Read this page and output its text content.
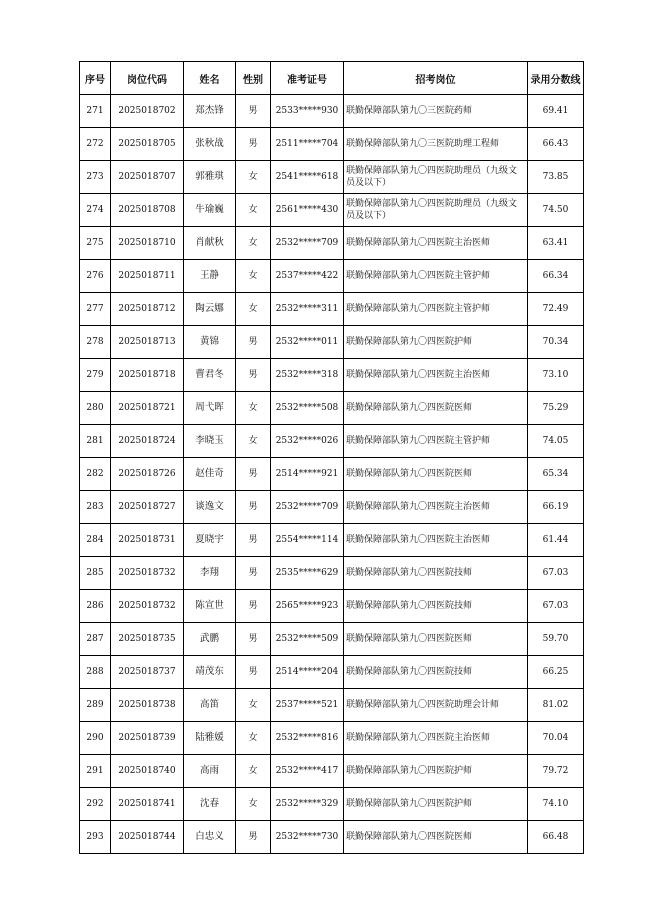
序号	岗位代码	姓名	性别	准考证号	招考岗位	录用分数线
271	2025018702	郑杰锋	男	2533*****930	联勤保障部队第九〇三医院药师	69.41
272	2025018705	张秋战	男	2511*****704	联勤保障部队第九〇三医院助理工程师	66.43
273	2025018707	郭雅琪	女	2541*****618	联勤保障部队第九〇四医院助理员（九级文员及以下）	73.85
274	2025018708	牛瑜巍	女	2561*****430	联勤保障部队第九〇四医院助理员（九级文员及以下）	74.50
275	2025018710	肖献秋	女	2532*****709	联勤保障部队第九〇四医院主治医师	63.41
276	2025018711	王静	女	2537*****422	联勤保障部队第九〇四医院主管护师	66.34
277	2025018712	陶云娜	女	2532*****311	联勤保障部队第九〇四医院主管护师	72.49
278	2025018713	黄锦	男	2532*****011	联勤保障部队第九〇四医院护师	70.34
279	2025018718	曹君冬	男	2532*****318	联勤保障部队第九〇四医院主治医师	73.10
280	2025018721	周弋晖	女	2532*****508	联勤保障部队第九〇四医院医师	75.29
281	2025018724	李晓玉	女	2532*****026	联勤保障部队第九〇四医院主管护师	74.05
282	2025018726	赵佳奇	男	2514*****921	联勤保障部队第九〇四医院医师	65.34
283	2025018727	谈逸文	男	2532*****709	联勤保障部队第九〇四医院主治医师	66.19
284	2025018731	夏晓宇	男	2554*****114	联勤保障部队第九〇四医院主治医师	61.44
285	2025018732	李翔	男	2535*****629	联勤保障部队第九〇四医院技师	67.03
286	2025018732	陈宣世	男	2565*****923	联勤保障部队第九〇四医院技师	67.03
287	2025018735	武鹏	男	2532*****509	联勤保障部队第九〇四医院医师	59.70
288	2025018737	靖茂东	男	2514*****204	联勤保障部队第九〇四医院技师	66.25
289	2025018738	高笛	女	2537*****521	联勤保障部队第九〇四医院助理会计师	81.02
290	2025018739	陆雅媛	女	2532*****816	联勤保障部队第九〇四医院主治医师	70.04
291	2025018740	高雨	女	2532*****417	联勤保障部队第九〇四医院护师	79.72
292	2025018741	沈春	女	2532*****329	联勤保障部队第九〇四医院护师	74.10
293	2025018744	白忠义	男	2532*****730	联勤保障部队第九〇四医院医师	66.48
